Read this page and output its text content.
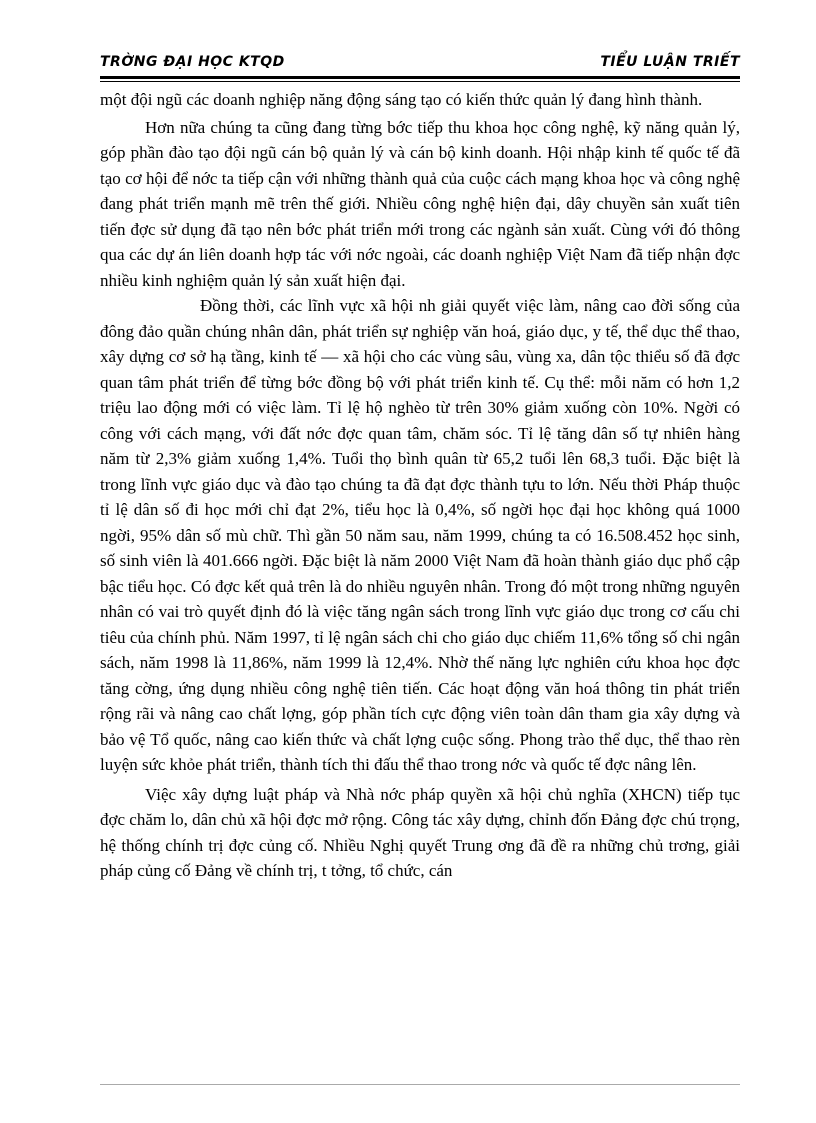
TRỜNG ĐẠI HỌC KTQD	TIỂU LUẬN TRIẾT

một đội ngũ các doanh nghiệp năng động sáng tạo có kiến thức quản lý đang hình thành.

Hơn nữa chúng ta cũng đang từng bớc tiếp thu khoa học công nghệ, kỹ năng quản lý, góp phần đào tạo đội ngũ cán bộ quản lý và cán bộ kinh doanh. Hội nhập kinh tế quốc tế đã tạo cơ hội để nớc ta tiếp cận với những thành quả của cuộc cách mạng khoa học và công nghệ đang phát triển mạnh mẽ trên thế giới. Nhiều công nghệ hiện đại, dây chuyền sản xuất tiên tiến đợc sử dụng đã tạo nên bớc phát triển mới trong các ngành sản xuất. Cùng với đó thông qua các dự án liên doanh hợp tác với nớc ngoài, các doanh nghiệp Việt Nam đã tiếp nhận đợc nhiều kinh nghiệm quản lý sản xuất hiện đại.

Đồng thời, các lĩnh vực xã hội nh giải quyết việc làm, nâng cao đời sống của đông đảo quần chúng nhân dân, phát triển sự nghiệp văn hoá, giáo dục, y tế, thể dục thể thao, xây dựng cơ sở hạ tầng, kinh tế — xã hội cho các vùng sâu, vùng xa, dân tộc thiểu số đã đợc quan tâm phát triển để từng bớc đồng bộ với phát triển kinh tế. Cụ thể: mỗi năm có hơn 1,2 triệu lao động mới có việc làm. Tỉ lệ hộ nghèo từ trên 30% giảm xuống còn 10%. Ngời có công với cách mạng, với đất nớc đợc quan tâm, chăm sóc. Tỉ lệ tăng dân số tự nhiên hàng năm từ 2,3% giảm xuống 1,4%. Tuổi thọ bình quân từ 65,2 tuổi lên 68,3 tuổi. Đặc biệt là trong lĩnh vực giáo dục và đào tạo chúng ta đã đạt đợc thành tựu to lớn. Nếu thời Pháp thuộc tỉ lệ dân số đi học mới chỉ đạt 2%, tiểu học là 0,4%, số ngời học đại học không quá 1000 ngời, 95% dân số mù chữ. Thì gần 50 năm sau, năm 1999, chúng ta có 16.508.452 học sinh, số sinh viên là 401.666 ngời. Đặc biệt là năm 2000 Việt Nam đã hoàn thành giáo dục phổ cập bậc tiểu học. Có đợc kết quả trên là do nhiều nguyên nhân. Trong đó một trong những nguyên nhân có vai trò quyết định đó là việc tăng ngân sách trong lĩnh vực giáo dục trong cơ cấu chi tiêu của chính phủ. Năm 1997, tỉ lệ ngân sách chi cho giáo dục chiếm 11,6% tổng số chi ngân sách, năm 1998 là 11,86%, năm 1999 là 12,4%. Nhờ thế năng lực nghiên cứu khoa học đợc tăng cờng, ứng dụng nhiều công nghệ tiên tiến. Các hoạt động văn hoá thông tin phát triển rộng rãi và nâng cao chất lợng, góp phần tích cực động viên toàn dân tham gia xây dựng và bảo vệ Tổ quốc, nâng cao kiến thức và chất lợng cuộc sống. Phong trào thể dục, thể thao rèn luyện sức khỏe phát triển, thành tích thi đấu thể thao trong nớc và quốc tế đợc nâng lên.

Việc xây dựng luật pháp và Nhà nớc pháp quyền xã hội chủ nghĩa (XHCN) tiếp tục đợc chăm lo, dân chủ xã hội đợc mở rộng. Công tác xây dựng, chỉnh đốn Đảng đợc chú trọng, hệ thống chính trị đợc củng cố. Nhiều Nghị quyết Trung ơng đã đề ra những chủ trơng, giải pháp củng cố Đảng về chính trị, t tởng, tổ chức, cán
